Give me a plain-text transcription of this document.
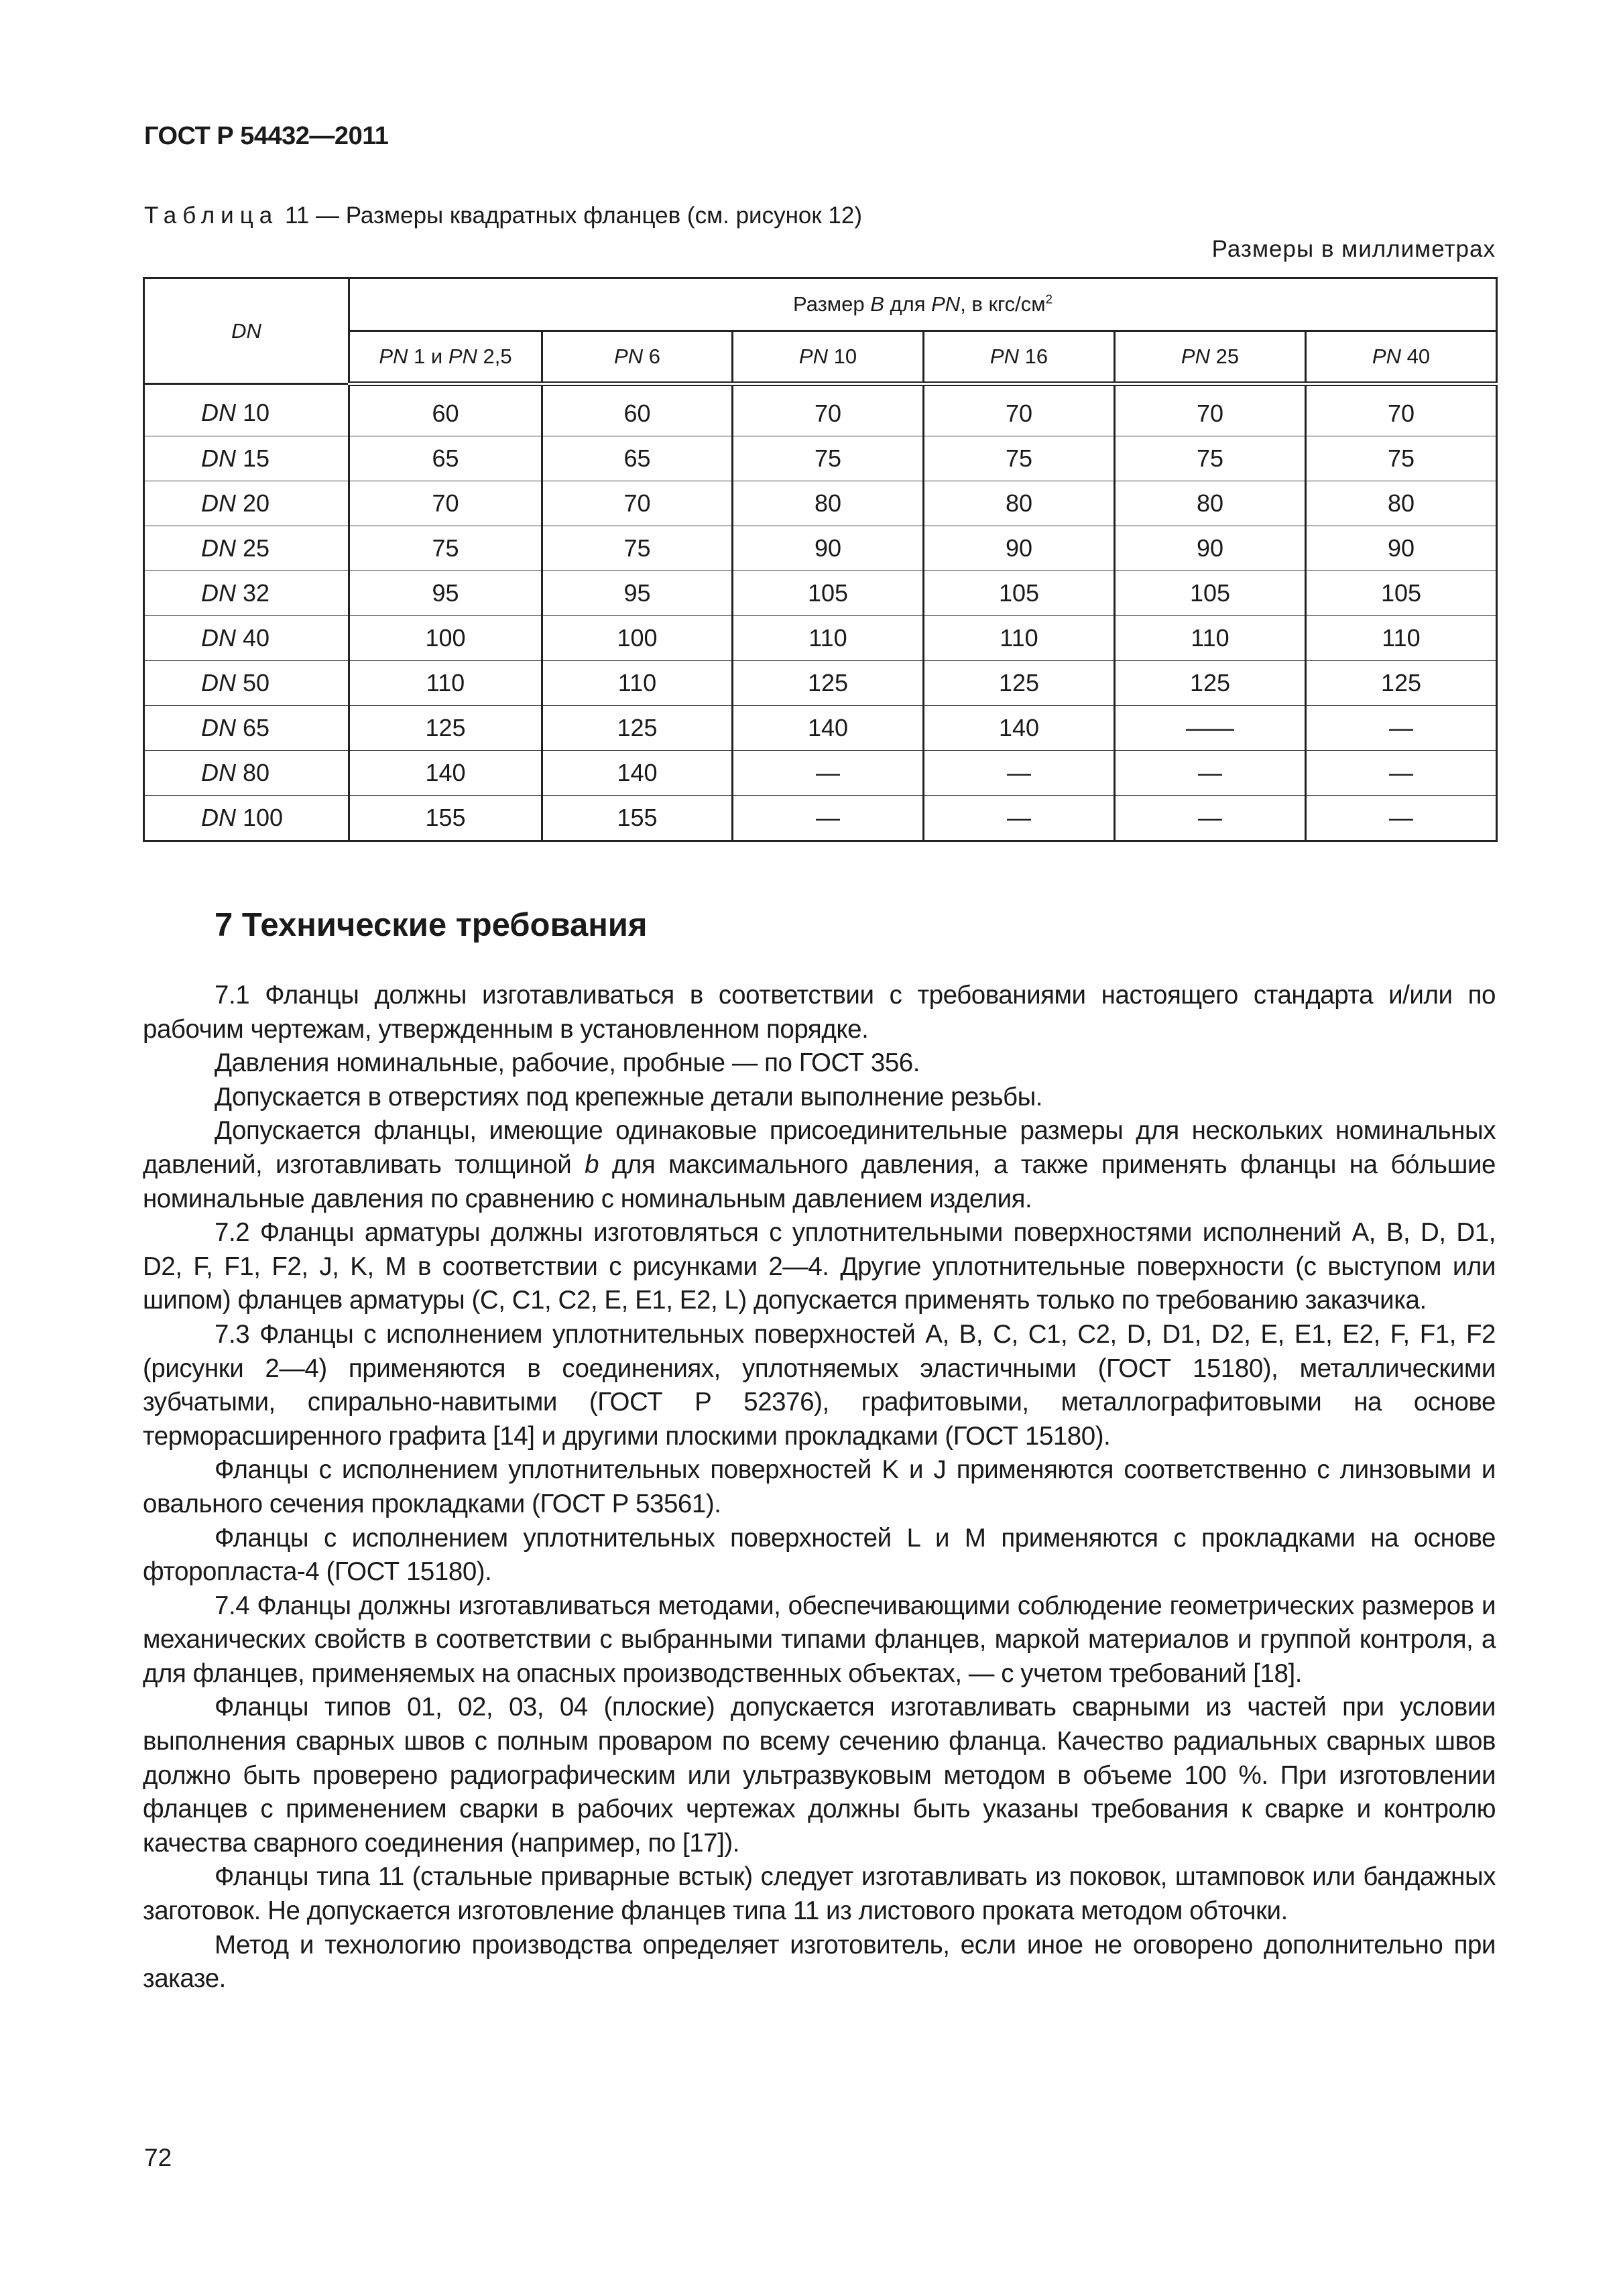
ГОСТ Р 54432—2011
Таблица 11 — Размеры квадратных фланцев (см. рисунок 12)
Размеры в миллиметрах
DN	Размер B для PN, в кгс/$см^2$
	PN 1 и PN 2,5	PN 6	PN 10	PN 16	PN 25	PN 40
DN 10	60	60	70	70	70	70
DN 15	65	65	75	75	75	75
DN 20	70	70	80	80	80	80
DN 25	75	75	90	90	90	90
DN 32	95	95	105	105	105	105
DN 40	100	100	110	110	110	110
DN 50	110	110	125	125	125	125
DN 65	125	125	140	140	——	—
DN 80	140	140	—	—	—	—
DN 100	155	155	—	—	—	—
7 Технические требования

7.1 Фланцы должны изготавливаться в соответствии с требованиями настоящего стандарта и/или по рабочим чертежам, утвержденным в установленном порядке.

Давления номинальные, рабочие, пробные — по ГОСТ 356.

Допускается в отверстиях под крепежные детали выполнение резьбы.

Допускается фланцы, имеющие одинаковые присоединительные размеры для нескольких номинальных давлений, изготавливать толщиной b для максимального давления, а также применять фланцы на бо́льшие номинальные давления по сравнению с номинальным давлением изделия.

7.2 Фланцы арматуры должны изготовляться с уплотнительными поверхностями исполнений А, В, D, D1, D2, F, F1, F2, J, K, M в соответствии с рисунками 2—4. Другие уплотнительные поверхности (с выступом или шипом) фланцев арматуры (C, C1, C2, E, E1, E2, L) допускается применять только по требованию заказчика.

7.3 Фланцы с исполнением уплотнительных поверхностей A, B, C, C1, C2, D, D1, D2, E, E1, E2, F, F1, F2 (рисунки 2—4) применяются в соединениях, уплотняемых эластичными (ГОСТ 15180), металлическими зубчатыми, спирально-навитыми (ГОСТ Р 52376), графитовыми, металлографитовыми на основе терморасширенного графита [14] и другими плоскими прокладками (ГОСТ 15180).

Фланцы с исполнением уплотнительных поверхностей K и J применяются соответственно с линзовыми и овального сечения прокладками (ГОСТ Р 53561).

Фланцы с исполнением уплотнительных поверхностей L и M применяются с прокладками на основе фторопласта-4 (ГОСТ 15180).

7.4 Фланцы должны изготавливаться методами, обеспечивающими соблюдение геометрических размеров и механических свойств в соответствии с выбранными типами фланцев, маркой материалов и группой контроля, а для фланцев, применяемых на опасных производственных объектах, — с учетом требований [18].

Фланцы типов 01, 02, 03, 04 (плоские) допускается изготавливать сварными из частей при условии выполнения сварных швов с полным проваром по всему сечению фланца. Качество радиальных сварных швов должно быть проверено радиографическим или ультразвуковым методом в объеме 100 %. При изготовлении фланцев с применением сварки в рабочих чертежах должны быть указаны требования к сварке и контролю качества сварного соединения (например, по [17]).

Фланцы типа 11 (стальные приварные встык) следует изготавливать из поковок, штамповок или бандажных заготовок. Не допускается изготовление фланцев типа 11 из листового проката методом обточки.

Метод и технологию производства определяет изготовитель, если иное не оговорено дополнительно при заказе.

72
